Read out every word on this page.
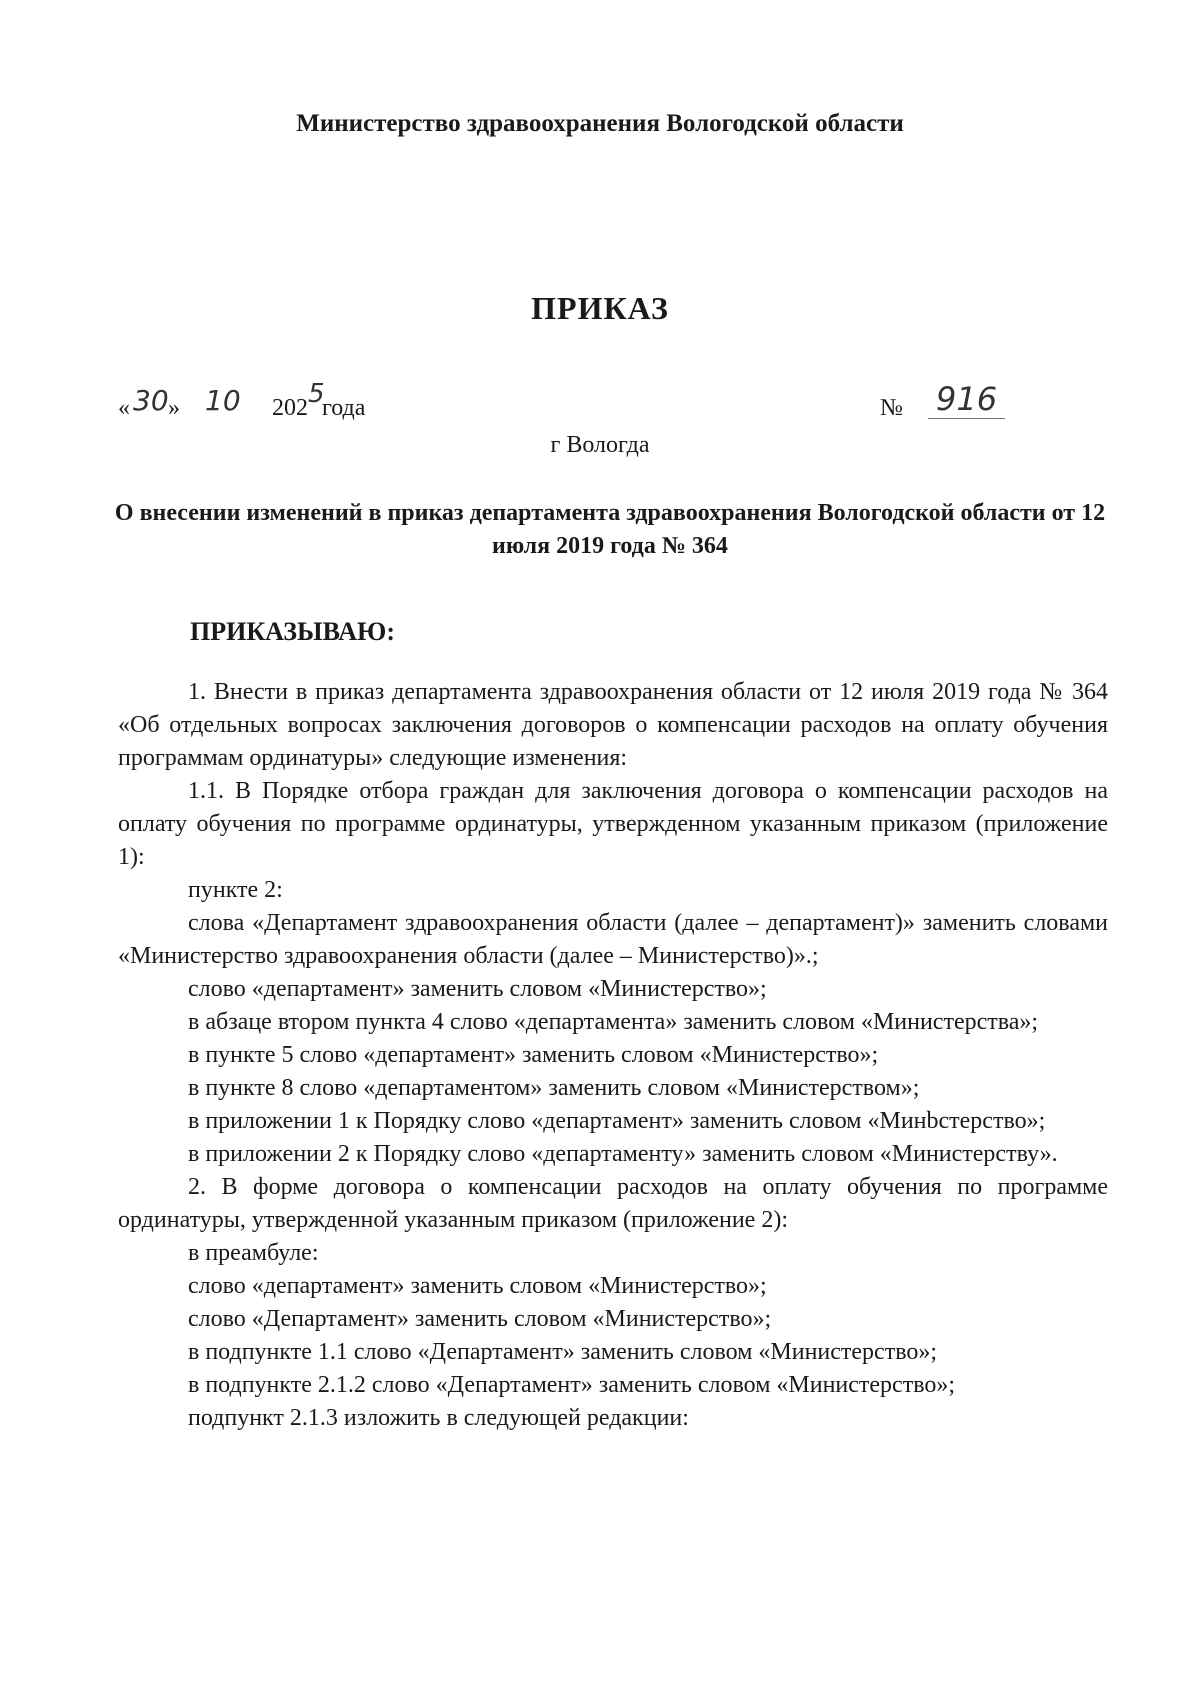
Министерство здравоохранения Вологодской области
ПРИКАЗ
« 30 » 10 202 5
года	№ 916
г Вологда
О внесении изменений в приказ департамента здравоохранения Вологодской области от 12 июля 2019 года № 364
ПРИКАЗЫВАЮ:

1. Внести в приказ департамента здравоохранения области от 12 июля 2019 года № 364 «Об отдельных вопросах заключения договоров о компенсации расходов на оплату обучения программам ординатуры» следующие изменения:

1.1. В Порядке отбора граждан для заключения договора о компенсации расходов на оплату обучения по программе ординатуры, утвержденном указанным приказом (приложение 1):

пункте 2:

слова «Департамент здравоохранения области (далее – департамент)» заменить словами «Министерство здравоохранения области (далее – Министерство)».;

слово «департамент» заменить словом «Министерство»;

в абзаце втором пункта 4 слово «департамента» заменить словом «Министерства»;

в пункте 5 слово «департамент» заменить словом «Министерство»;

в пункте 8 слово «департаментом» заменить словом «Министерством»;

в приложении 1 к Порядку слово «департамент» заменить словом «Минbстерство»;

в приложении 2 к Порядку слово «департаменту» заменить словом «Министерству».

2. В форме договора о компенсации расходов на оплату обучения по программе ординатуры, утвержденной указанным приказом (приложение 2):

в преамбуле:

слово «департамент» заменить словом «Министерство»;

слово «Департамент» заменить словом «Министерство»;

в подпункте 1.1 слово «Департамент» заменить словом «Министерство»;

в подпункте 2.1.2 слово «Департамент» заменить словом «Министерство»;

подпункт 2.1.3 изложить в следующей редакции:
